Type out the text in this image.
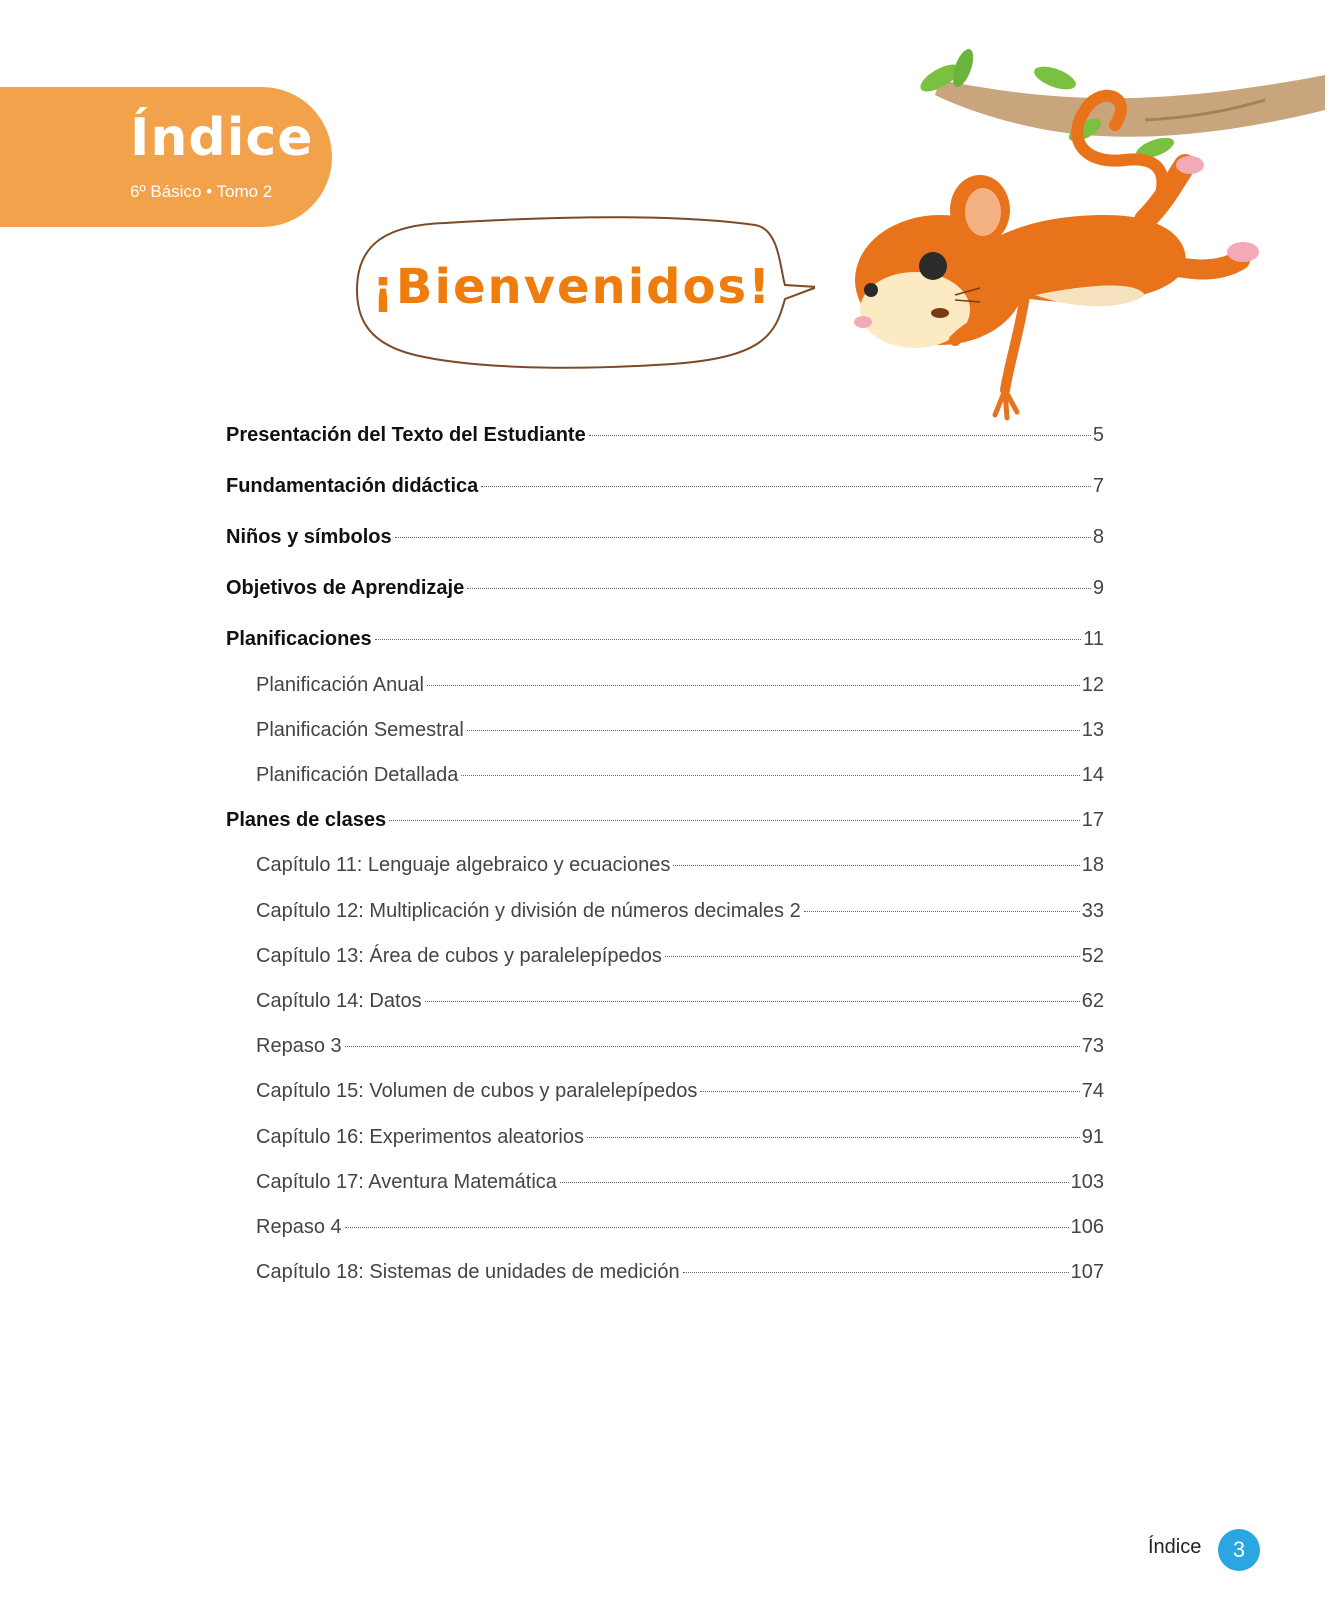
Índice
6º Básico • Tomo 2
¡Bienvenidos!
Presentación del Texto del Estudiante	5
Fundamentación didáctica	7
Niños y símbolos	8
Objetivos de Aprendizaje	9
Planificaciones	11
Planificación Anual	12
Planificación Semestral	13
Planificación Detallada	14
Planes de clases	17
Capítulo 11: Lenguaje algebraico y ecuaciones	18
Capítulo 12: Multiplicación y división de números decimales 2	33
Capítulo 13: Área de cubos y paralelepípedos	52
Capítulo 14: Datos	62
Repaso 3	73
Capítulo 15: Volumen de cubos y paralelepípedos	74
Capítulo 16: Experimentos aleatorios	91
Capítulo 17: Aventura Matemática	103
Repaso 4	106
Capítulo 18: Sistemas de unidades de medición	107
Índice	3
